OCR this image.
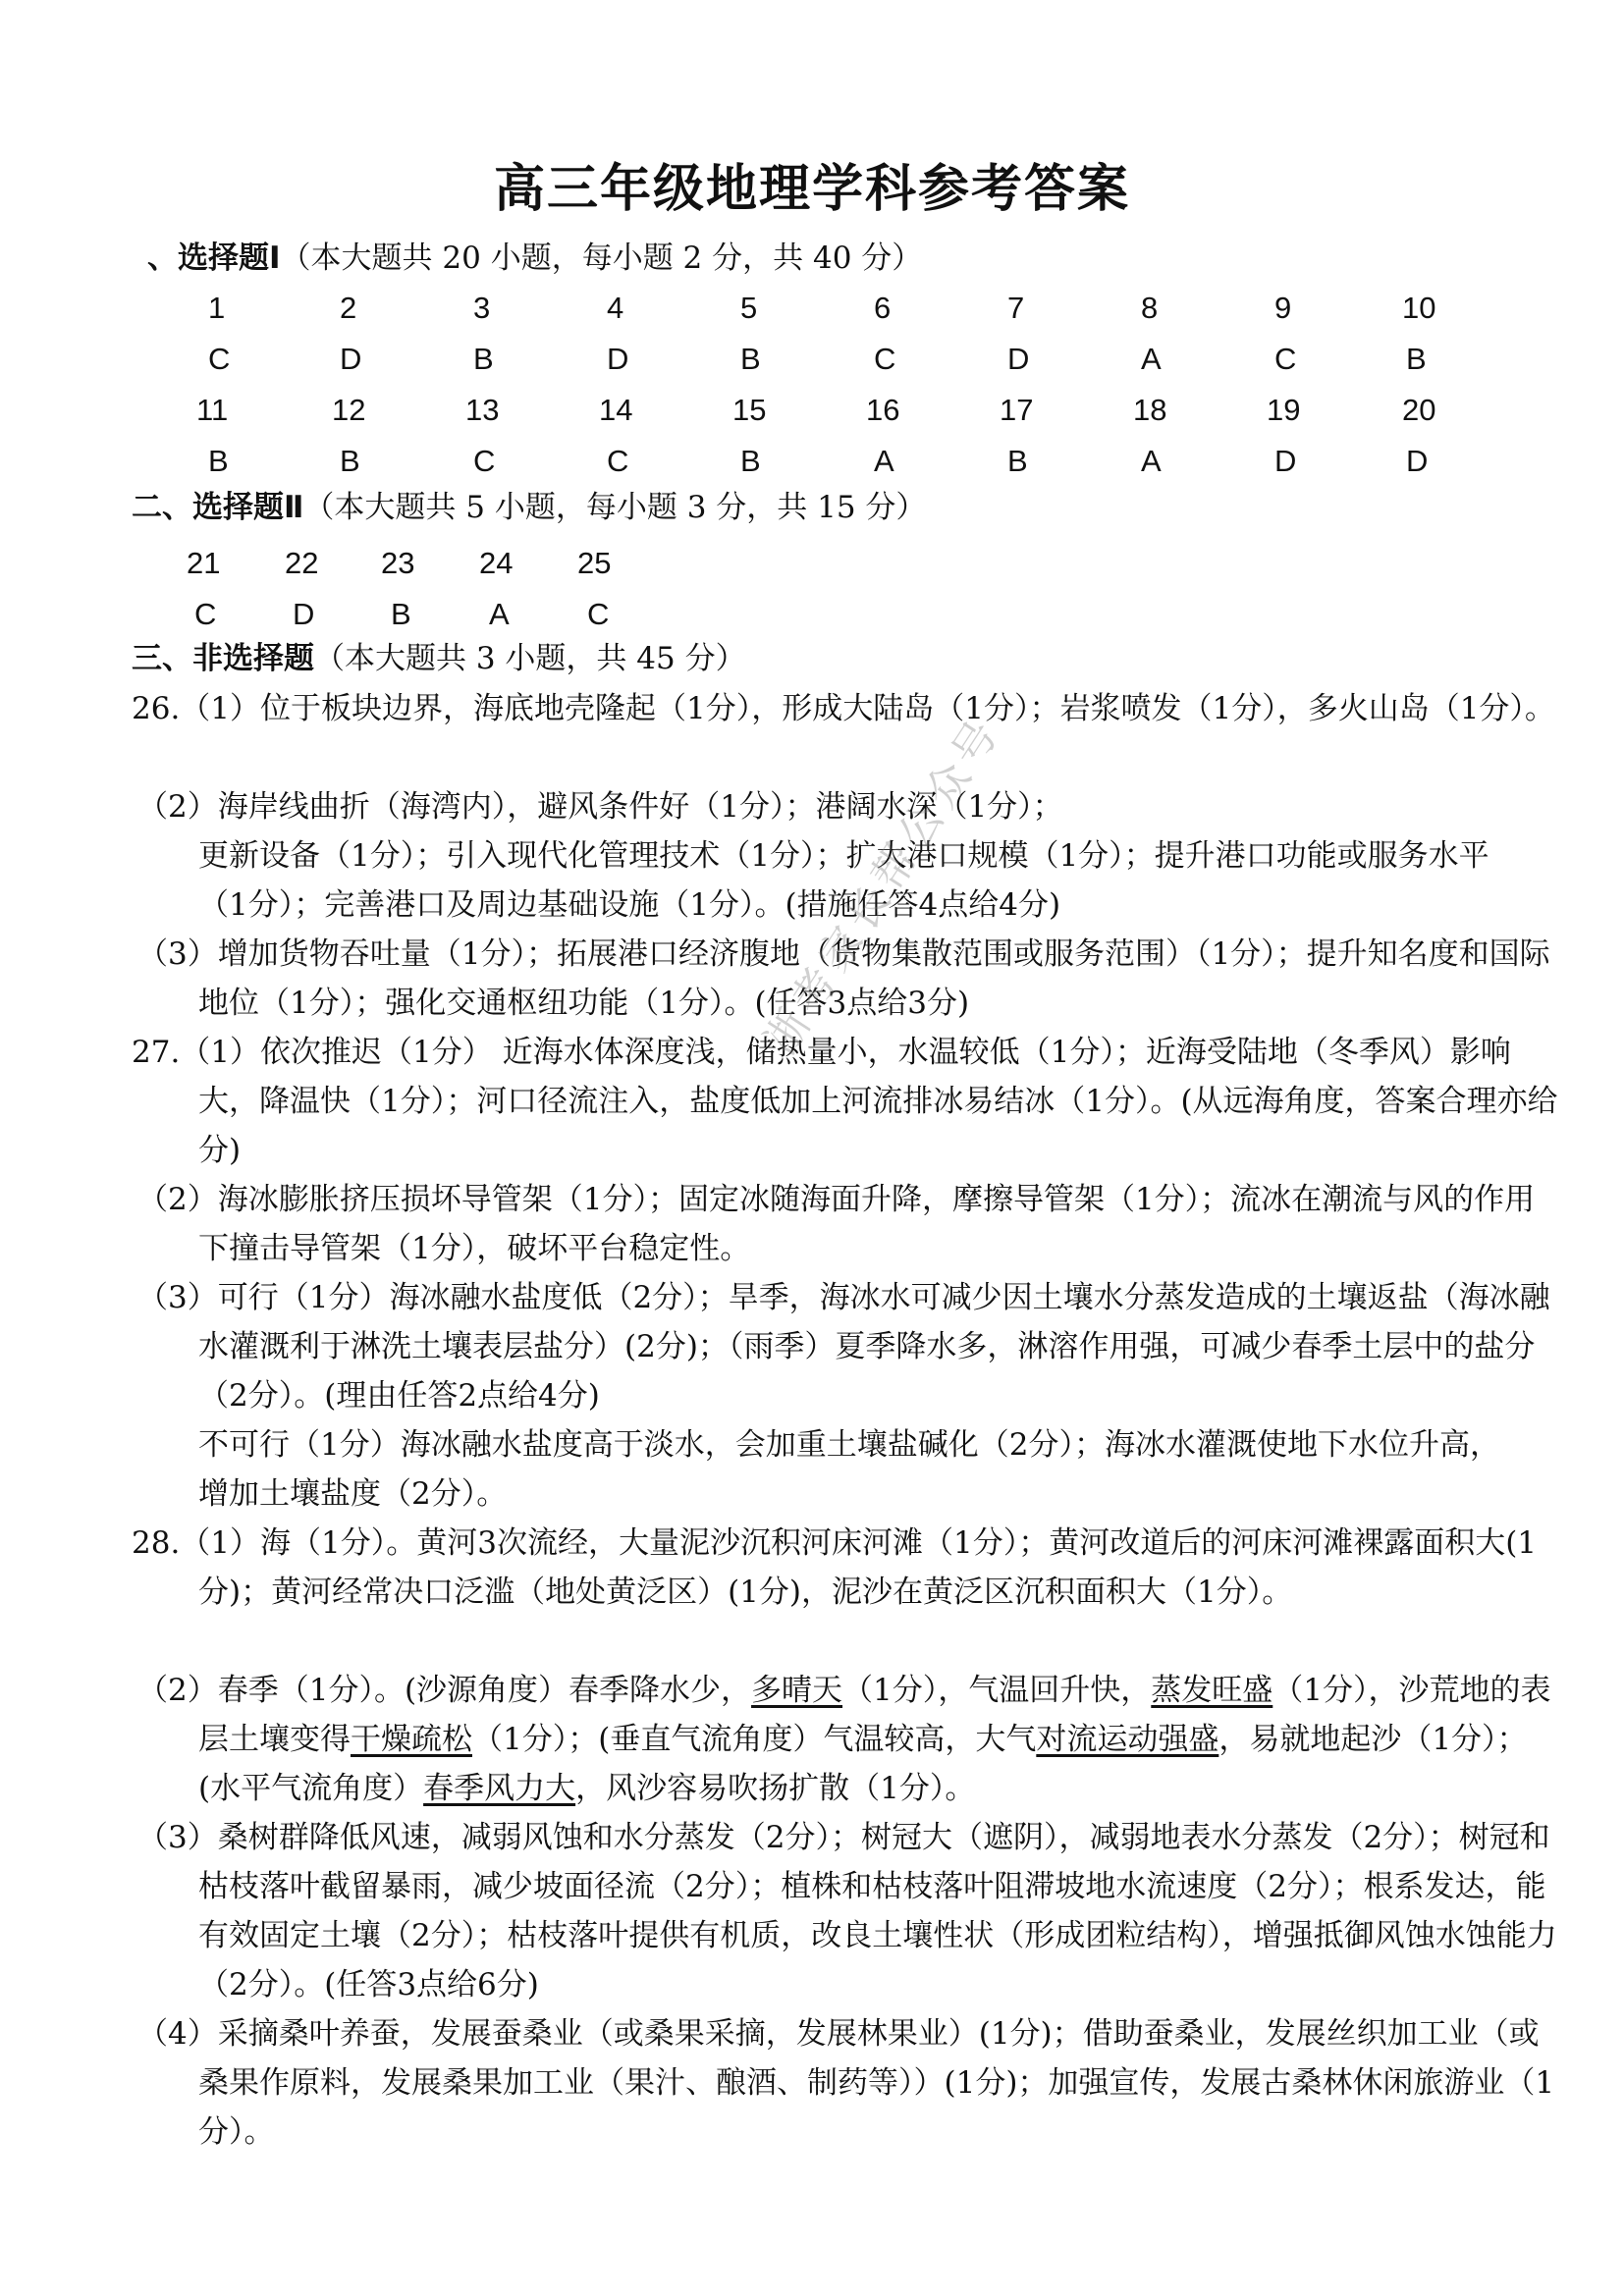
高三年级地理学科参考答案
、选择题Ⅰ（本大题共 20 小题，每小题 2 分，共 40 分）
1	2	3	4	5	6	7	8	9	10
C	D	B	D	B	C	D	A	C	B
11	12	13	14	15	16	17	18	19	20
B	B	C	C	B	A	B	A	D	D
二、选择题Ⅱ（本大题共 5 小题，每小题 3 分，共 15 分）
21	22	23	24	25
C	D	B	A	C
三、非选择题（本大题共 3 小题，共 45 分）

26.（1）位于板块边界，海底地壳隆起（1分），形成大陆岛（1分）；岩浆喷发（1分），多火山岛（1分）。

（2）海岸线曲折（海湾内），避风条件好（1分）；港阔水深（1分）；

更新设备（1分）；引入现代化管理技术（1分）；扩大港口规模（1分）；提升港口功能或服务水平（1分）；完善港口及周边基础设施（1分）。(措施任答4点给4分)

（3）增加货物吞吐量（1分）；拓展港口经济腹地（货物集散范围或服务范围）（1分）；提升知名度和国际地位（1分）；强化交通枢纽功能（1分）。(任答3点给3分)

27.（1）依次推迟（1分） 近海水体深度浅，储热量小，水温较低（1分）；近海受陆地（冬季风）影响大，降温快（1分）；河口径流注入，盐度低加上河流排冰易结冰（1分）。(从远海角度，答案合理亦给分)

（2）海冰膨胀挤压损坏导管架（1分）；固定冰随海面升降，摩擦导管架（1分）；流冰在潮流与风的作用下撞击导管架（1分），破坏平台稳定性。

（3）可行（1分）海冰融水盐度低（2分）；旱季，海冰水可减少因土壤水分蒸发造成的土壤返盐（海冰融水灌溉利于淋洗土壤表层盐分）(2分)；（雨季）夏季降水多，淋溶作用强，可减少春季土层中的盐分（2分）。(理由任答2点给4分)

不可行（1分）海冰融水盐度高于淡水，会加重土壤盐碱化（2分）；海冰水灌溉使地下水位升高，增加土壤盐度（2分）。

28.（1）海（1分）。黄河3次流经，大量泥沙沉积河床河滩（1分）；黄河改道后的河床河滩裸露面积大(1分)；黄河经常决口泛滥（地处黄泛区）(1分)，泥沙在黄泛区沉积面积大（1分）。

（2）春季（1分）。(沙源角度）春季降水少，多晴天（1分），气温回升快，蒸发旺盛（1分），沙荒地的表层土壤变得干燥疏松（1分）；(垂直气流角度）气温较高，大气对流运动强盛，易就地起沙（1分）；(水平气流角度）春季风力大，风沙容易吹扬扩散（1分）。

（3）桑树群降低风速，减弱风蚀和水分蒸发（2分）；树冠大（遮阴），减弱地表水分蒸发（2分）；树冠和枯枝落叶截留暴雨，减少坡面径流（2分）；植株和枯枝落叶阻滞坡地水流速度（2分）；根系发达，能有效固定土壤（2分）；枯枝落叶提供有机质，改良土壤性状（形成团粒结构），增强抵御风蚀水蚀能力（2分）。(任答3点给6分)

（4）采摘桑叶养蚕，发展蚕桑业（或桑果采摘，发展林果业）(1分)；借助蚕桑业，发展丝织加工业（或桑果作原料，发展桑果加工业（果汁、酿酒、制药等））(1分)；加强宣传，发展古桑林休闲旅游业（1分）。

浙考家长帮公众号
